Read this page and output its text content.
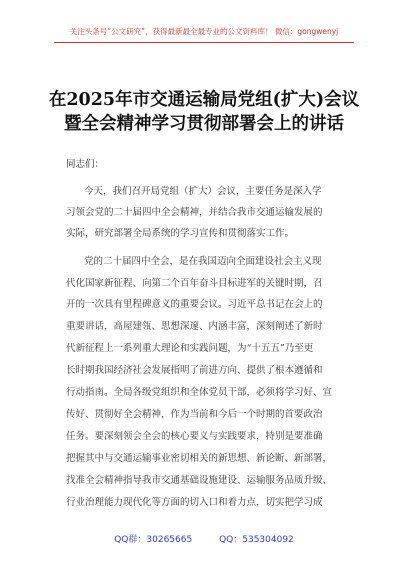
关注头条号“公文研究”，获得最新最全最专业的公文资料库！ 微信：gongwenyj
在2025年市交通运输局党组(扩大)会议
暨全会精神学习贯彻部署会上的讲话
同志们：
今天，我们召开局党组（扩大）会议，主要任务是深入学
习领会党的二十届四中全会精神，并结合我市交通运输发展的
实际，研究部署全局系统的学习宣传和贯彻落实工作。
党的二十届四中全会，是在我国迈向全面建设社会主义现
代化国家新征程、向第二个百年奋斗目标进军的关键时期，召
开的一次具有里程碑意义的重要会议。习近平总书记在会上的
重要讲话，高屋建瓴、思想深邃、内涵丰富，深刻阐述了新时
代新征程上一系列重大理论和实践问题，为“十五五”乃至更
长时期我国经济社会发展指明了前进方向、提供了根本遵循和
行动指南。全局各级党组织和全体党员干部，必须将学习好、宣
传好、贯彻好全会精神，作为当前和今后一个时期的首要政治
任务。要深刻领会全会的核心要义与实践要求，特别是要准确
把握其中与交通运输事业密切相关的新思想、新论断、新部署，
找准全会精神指导我市交通基础设施建设、运输服务品质升级、
行业治理能力现代化等方面的切入口和着力点，切实把学习成
QQ群：30265665	QQ：535304092
